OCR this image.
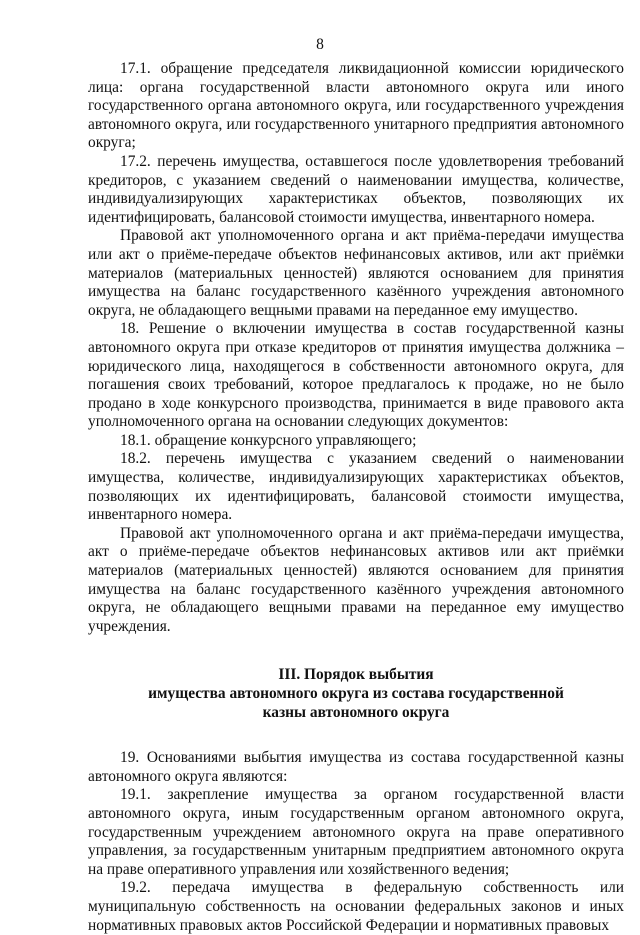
8

17.1. обращение председателя ликвидационной комиссии юридического лица: органа государственной власти автономного округа или иного государственного органа автономного округа, или государственного учреждения автономного округа, или государственного унитарного предприятия автономного округа;

17.2. перечень имущества, оставшегося после удовлетворения требований кредиторов, с указанием сведений о наименовании имущества, количестве, индивидуализирующих характеристиках объектов, позволяющих их идентифицировать, балансовой стоимости имущества, инвентарного номера.

Правовой акт уполномоченного органа и акт приёма-передачи имущества или акт о приёме-передаче объектов нефинансовых активов, или акт приёмки материалов (материальных ценностей) являются основанием для принятия имущества на баланс государственного казённого учреждения автономного округа, не обладающего вещными правами на переданное ему имущество.

18. Решение о включении имущества в состав государственной казны автономного округа при отказе кредиторов от принятия имущества должника – юридического лица, находящегося в собственности автономного округа, для погашения своих требований, которое предлагалось к продаже, но не было продано в ходе конкурсного производства, принимается в виде правового акта уполномоченного органа на основании следующих документов:

18.1. обращение конкурсного управляющего;

18.2. перечень имущества с указанием сведений о наименовании имущества, количестве, индивидуализирующих характеристиках объектов, позволяющих их идентифицировать, балансовой стоимости имущества, инвентарного номера.

Правовой акт уполномоченного органа и акт приёма-передачи имущества, акт о приёме-передаче объектов нефинансовых активов или акт приёмки материалов (материальных ценностей) являются основанием для принятия имущества на баланс государственного казённого учреждения автономного округа, не обладающего вещными правами на переданное ему имущество учреждения.

III. Порядок выбытия

имущества автономного округа из состава государственной

казны автономного округа

19. Основаниями выбытия имущества из состава государственной казны автономного округа являются:

19.1. закрепление имущества за органом государственной власти автономного округа, иным государственным органом автономного округа, государственным учреждением автономного округа на праве оперативного управления, за государственным унитарным предприятием автономного округа на праве оперативного управления или хозяйственного ведения;

19.2. передача имущества в федеральную собственность или муниципальную собственность на основании федеральных законов и иных нормативных правовых актов Российской Федерации и нормативных правовых
